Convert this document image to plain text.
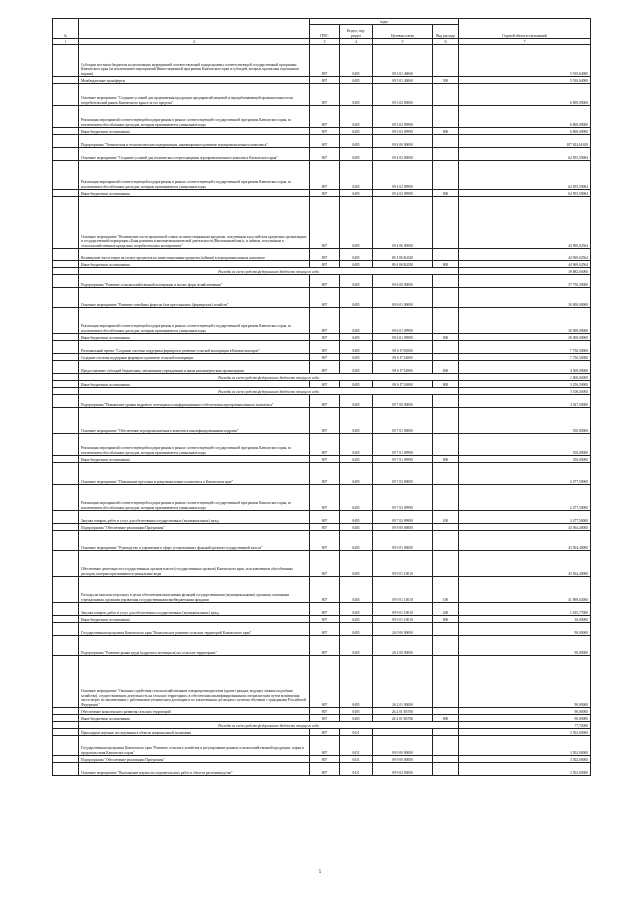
№		коды				Годовой объем ассигнований
		ГРБС	Раздел, под-раздел	Целевая статья	Вид расхода	
1	2	3	4	5	6	7
	Субсидии местным бюджетам на реализацию мероприятий соответствующей подпрограммы соответствующей государственной программы Камчатского края (за исключением мероприятий Инвестиционной программы Камчатского края и субсидий, которые прописаны отдельными кодами)	807	0405	09 3 01 40060		5 910,64000
	Межбюджетные трансферты	807	0405	09 3 01 40060	500	5 910,64000
	Основное мероприятие "Создание условий для продвижения продукции предприятий пищевой и перерабатывающей промышленности на потребительский рынок Камчатского края и за его пределы"	807	0405	09 3 02 00000		6 800,00000
	Реализация мероприятий соответствующей подпрограммы в рамках соответствующей государственной программы Камчатского края, за исключением обособленных расходов, которым присваиваются уникальные коды	807	0405	09 3 02 09990		6 800,00000
	Иные бюджетные ассигнования	807	0405	09 3 02 09990	800	6 800,00000
	Подпрограмма "Техническая и технологическая модернизация, инновационное развитие агропромышленного комплекса"	807	0405	09 4 00 00000		107 824,61658
	Основное мероприятие "Создание условий для технического переоснащения агропромышленного комплекса Камчатского края"	807	0405	09 4 02 00000		62 855,59084
	Реализация мероприятий соответствующей подпрограммы в рамках соответствующей государственной программы Камчатского края, за исключением обособленных расходов, которым присваиваются уникальные коды	807	0405	09 4 02 09990		62 855,59084
	Иные бюджетные ассигнования	807	0405	09 4 02 09990	800	62 855,59084
	Основное мероприятие "Возмещение части процентной ставки по инвестиционным кредитам, полученным в российских кредитных организациях и государственной корпорации «Банк развития и внешнеэкономической деятельности (Внешэкономбанк)», и займам, полученным в сельскохозяйственных кредитных потребительских кооперативах"	807	0405	09 4 06 00000		44 969,02564
	Возмещение части затрат на уплату процентов по инвестиционным кредитам (займам) в агропромышленном комплексе	807	0405	09 4 06 R4330		44 969,02564
	Иные бюджетные ассигнования	807	0405	09 4 06 R4330	800	44 969,02564
	Расходы за счет средств федерального бюджета текущего года					38 882,00000
	Подпрограмма "Развитие сельскохозяйственной кооперации и малых форм хозяйствования"	807	0405	09 6 00 00000		37 756,50000
	Основное мероприятие "Развитие семейных ферм на базе крестьянских (фермерских) хозяйств"	807	0405	09 6 01 00000		30 000,00000
	Реализация мероприятий соответствующей подпрограммы в рамках соответствующей государственной программы Камчатского края, за исключением обособленных расходов, которым присваиваются уникальные коды	807	0405	09 6 01 09990		30 000,00000
	Иные бюджетные ассигнования	807	0405	09 6 01 09990	800	30 000,00000
	Региональный проект "Создание системы поддержки фермеров и развитие сельской кооперации в Камчатском крае"	807	0405	09 6 I7 00000		7 756,50000
	Создание системы поддержки фермеров и развитие сельской кооперации	807	0405	09 6 I7 54800		7 756,50000
	Предоставление субсидий бюджетным, автономным учреждениям и иным некоммерческим организациям	807	0405	09 6 I7 54800	600	4 500,00000
	Расходы за счет средств федерального бюджета текущего года					1 800,00000
	Иные бюджетные ассигнования	807	0405	09 6 I7 54800	800	3 256,50000
	Расходы за счет средств федерального бюджета текущего года					3 106,50000
	Подпрограмма "Повышение уровня кадрового потенциала и информационного обеспечения агропромышленного комплекса"	807	0405	09 7 00 00000		3 027,50000
	Основное мероприятие "Обеспечение агропромышленного комплекса квалифицированными кадрами"	807	0405	09 7 01 00000		550,00000
	Реализация мероприятий соответствующей подпрограммы в рамках соответствующей государственной программы Камчатского края, за исключением обособленных расходов, которым присваиваются уникальные коды	807	0405	09 7 01 09990		550,00000
	Иные бюджетные ассигнования	807	0405	09 7 01 09990	800	550,00000
	Основное мероприятие "Повышение престижа агропромышленного комплекса в Камчатском крае"	807	0405	09 7 02 00000		2 477,50000
	Реализация мероприятий соответствующей подпрограммы в рамках соответствующей государственной программы Камчатского края, за исключением обособленных расходов, которым присваиваются уникальные коды	807	0405	09 7 02 09990		2 477,50000
	Закупка товаров, работ и услуг для обеспечения государственных (муниципальных) нужд	807	0405	09 7 02 09990	200	2 477,50000
	Подпрограмма "Обеспечение реализации Программы"	807	0405	09 9 00 00000		43 564,40000
	Основное мероприятие "Руководство и управление в сфере установленных функций органов государственной власти"	807	0405	09 9 01 00000		43 564,40000
	Обеспечение деятельности государственных органов власти (государственных органов) Камчатского края, за исключением обособленных расходов, которым присваиваются уникальные коды	807	0405	09 9 01 10010		43 564,40000
	Расходы на выплаты персоналу в целях обеспечения выполнения функций государственными (муниципальными) органами, казенными учреждениями, органами управления государственными внебюджетными фондами	807	0405	09 9 01 10010	100	41 898,63000
	Закупка товаров, работ и услуг для обеспечения государственных (муниципальных) нужд	807	0405	09 9 01 10010	200	1 635,77000
	Иные бюджетные ассигнования	807	0405	09 9 01 10010	800	30,00000
	Государственная программа Камчатского края "Комплексное развитие сельских территорий Камчатского края"	807	0405	26 0 00 00000		90,00000
	Подпрограмма "Развитие рынка труда (кадрового потенциала) на сельских территориях"	807	0405	26 2 00 00000		90,00000
	Основное мероприятие "Оказание содействия сельскохозяйственным товаропроизводителям (кроме граждан, ведущих личные подсобные хозяйства), осуществляющим деятельность на сельских территориях, в обеспечении квалифицированными специалистами путем возмещения части затрат по заключенным с работниками ученическим договорам и по заключенным договорам о целевом обучении с гражданами Российской Федерации"	807	0405	26 2 01 00000		90,00000
	Обеспечение комплексного развития сельских территорий	807	0405	26 2 01 R5760		90,00000
	Иные бюджетные ассигнования	807	0405	26 2 01 R5760	800	90,00000
	Расходы за счет средств федерального бюджета текущего года					77,70000
	Прикладные научные исследования в области национальной экономики	807	0411			3 502,00000
	Государственная программа Камчатского края "Развитие сельского хозяйства и регулирование рынков сельскохозяйственной продукции, сырья и продовольствия Камчатского края"	807	0411	09 0 00 00000		3 502,00000
	Подпрограмма "Обеспечение реализации Программы"	807	0411	09 9 00 00000		3 502,00000
	Основное мероприятие "Выполнение научно-исследовательских работ в области растениеводства"	807	0411	09 9 02 00000		3 502,00000
5
